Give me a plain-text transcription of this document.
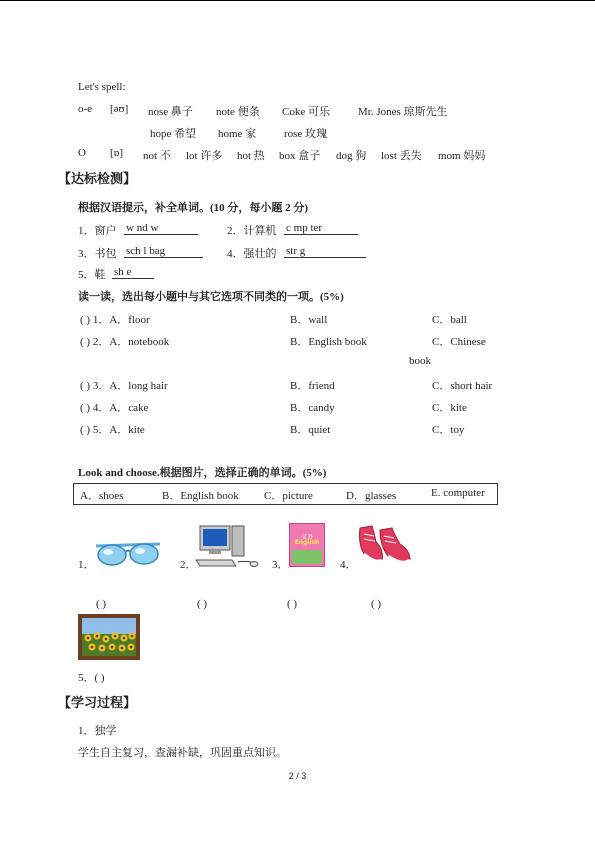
Let's spell:
o-e [əʊ] nose 鼻子 note 便条 Coke 可乐	Mr. Jones 琼斯先生
hope 希望 home 家	rose 玫瑰
O [ɒ] not 不 lot 许多 hot 热 box 盒子 dog 狗 lost 丢失 mom 妈妈
【达标检测】
根据汉语提示，补全单词。(10 分，每小题 2 分)
1．窗户 w nd w	2．计算机 c mp ter
3．书包 sch l bag	4．强壮的 str g
5．鞋 sh e
读一读，选出每小题中与其它选项不同类的一项。(5%)
( ) 1．A．floor	B．wall	C．ball
( ) 2．A．notebook	B．English book	C．Chinese
book
( ) 3．A．long hair	B．friend	C．short hair
( ) 4．A．cake	B．candy	C．kite
( ) 5．A．kite	B．quiet	C．toy
Look and choose.根据图片，选择正确的单词。(5%)
A．shoes	B．English book C．picture	D．glasses	E. computer
1．	2．	3．
义务
English
4．
( )	( )	( )	( )
5．( )
【学习过程】
1．独学
学生自主复习，查漏补缺，巩固重点知识。
2 / 3
